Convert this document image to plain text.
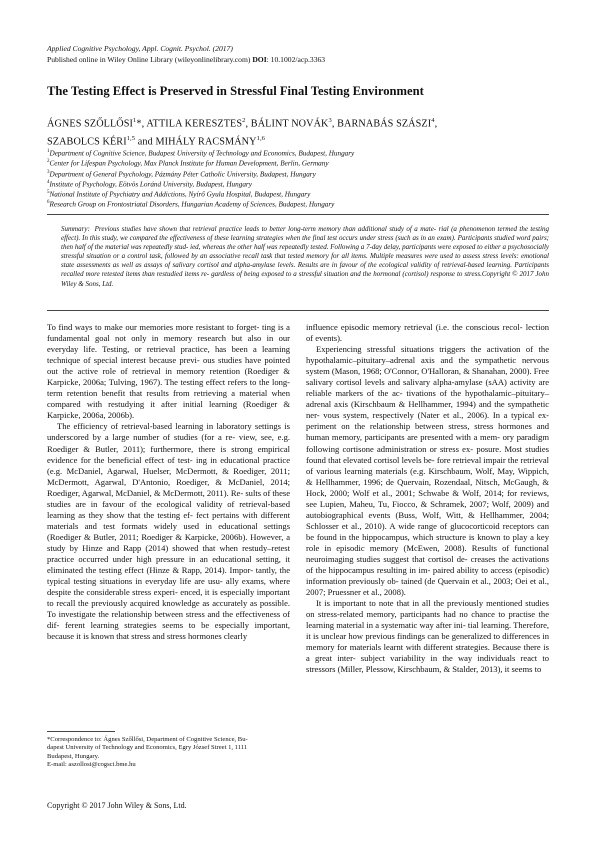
Applied Cognitive Psychology, Appl. Cognit. Psychol. (2017)
Published online in Wiley Online Library (wileyonlinelibrary.com) DOI: 10.1002/acp.3363
The Testing Effect is Preserved in Stressful Final Testing Environment
ÁGNES SZŐLLŐSI$^1$*, ATTILA KERESZTES$^2$, BÁLINT NOVÁK$^3$, BARNABÁS SZÁSZI$^4$,
SZABOLCS KÉRI$^{1,5}$ and MIHÁLY RACSMÁNY$^{1,6}$
$^1$Department of Cognitive Science, Budapest University of Technology and Economics, Budapest, Hungary
$^2$Center for Lifespan Psychology, Max Planck Institute for Human Development, Berlin, Germany
$^3$Department of General Psychology, Pázmány Péter Catholic University, Budapest, Hungary
$^4$Institute of Psychology, Eötvös Loránd University, Budapest, Hungary
$^5$National Institute of Psychiatry and Addictions, Nyírő Gyula Hospital, Budapest, Hungary
$^6$Research Group on Frontostriatal Disorders, Hungarian Academy of Sciences, Budapest, Hungary
Summary: Previous studies have shown that retrieval practice leads to better long-term memory than additional study of a mate- rial (a phenomenon termed the testing effect). In this study, we compared the effectiveness of these learning strategies when the final test occurs under stress (such as in an exam). Participants studied word pairs; then half of the material was repeatedly stud- ied, whereas the other half was repeatedly tested. Following a 7-day delay, participants were exposed to either a psychosocially stressful situation or a control task, followed by an associative recall task that tested memory for all items. Multiple measures were used to assess stress levels: emotional state assessments as well as assays of salivary cortisol and alpha-amylase levels. Results are in favour of the ecological validity of retrieval-based learning. Participants recalled more retested items than restudied items re- gardless of being exposed to a stressful situation and the hormonal (cortisol) response to stress.Copyright © 2017 John Wiley & Sons, Ltd.

To find ways to make our memories more resistant to forget- ting is a fundamental goal not only in memory research but also in our everyday life. Testing, or retrieval practice, has been a learning technique of special interest because previ- ous studies have pointed out the active role of retrieval in memory retention (Roediger & Karpicke, 2006a; Tulving, 1967). The testing effect refers to the long-term retention benefit that results from retrieving a material when compared with restudying it after initial learning (Roediger & Karpicke, 2006a, 2006b).

The efficiency of retrieval-based learning in laboratory settings is underscored by a large number of studies (for a re- view, see, e.g. Roediger & Butler, 2011); furthermore, there is strong empirical evidence for the beneficial effect of test- ing in educational practice (e.g. McDaniel, Agarwal, Huelser, McDermott, & Roediger, 2011; McDermott, Agarwal, D'Antonio, Roediger, & McDaniel, 2014; Roediger, Agarwal, McDaniel, & McDermott, 2011). Re- sults of these studies are in favour of the ecological validity of retrieval-based learning as they show that the testing ef- fect pertains with different materials and test formats widely used in educational settings (Roediger & Butler, 2011; Roediger & Karpicke, 2006b). However, a study by Hinze and Rapp (2014) showed that when restudy–retest practice occurred under high pressure in an educational setting, it eliminated the testing effect (Hinze & Rapp, 2014). Impor- tantly, the typical testing situations in everyday life are usu- ally exams, where despite the considerable stress experi- enced, it is especially important to recall the previously acquired knowledge as accurately as possible. To investigate the relationship between stress and the effectiveness of dif- ferent learning strategies seems to be especially important, because it is known that stress and stress hormones clearly

influence episodic memory retrieval (i.e. the conscious recol- lection of events).

Experiencing stressful situations triggers the activation of the hypothalamic–pituitary–adrenal axis and the sympathetic nervous system (Mason, 1968; O'Connor, O'Halloran, & Shanahan, 2000). Free salivary cortisol levels and salivary alpha-amylase (sAA) activity are reliable markers of the ac- tivations of the hypothalamic–pituitary–adrenal axis (Kirschbaum & Hellhammer, 1994) and the sympathetic ner- vous system, respectively (Nater et al., 2006). In a typical ex- periment on the relationship between stress, stress hormones and human memory, participants are presented with a mem- ory paradigm following cortisone administration or stress ex- posure. Most studies found that elevated cortisol levels be- fore retrieval impair the retrieval of various learning materials (e.g. Kirschbaum, Wolf, May, Wippich, & Hellhammer, 1996; de Quervain, Rozendaal, Nitsch, McGaugh, & Hock, 2000; Wolf et al., 2001; Schwabe & Wolf, 2014; for reviews, see Lupien, Maheu, Tu, Fiocco, & Schramek, 2007; Wolf, 2009) and autobiographical events (Buss, Wolf, Witt, & Hellhammer, 2004; Schlosser et al., 2010). A wide range of glucocorticoid receptors can be found in the hippocampus, which structure is known to play a key role in episodic memory (McEwen, 2008). Results of functional neuroimaging studies suggest that cortisol de- creases the activations of the hippocampus resulting in im- paired ability to access (episodic) information previously ob- tained (de Quervain et al., 2003; Oei et al., 2007; Pruessner et al., 2008).

It is important to note that in all the previously mentioned studies on stress-related memory, participants had no chance to practise the learning material in a systematic way after ini- tial learning. Therefore, it is unclear how previous findings can be generalized to differences in memory for materials learnt with different strategies. Because there is a great inter- subject variability in the way individuals react to stressors (Miller, Plessow, Kirschbaum, & Stalder, 2013), it seems to

*Correspondence to: Ágnes Szőllősi, Department of Cognitive Science, Bu-
dapest University of Technology and Economics, Egry József Street 1, 1111
Budapest, Hungary.
E-mail: aszollosi@cogsci.bme.hu
Copyright © 2017 John Wiley & Sons, Ltd.
